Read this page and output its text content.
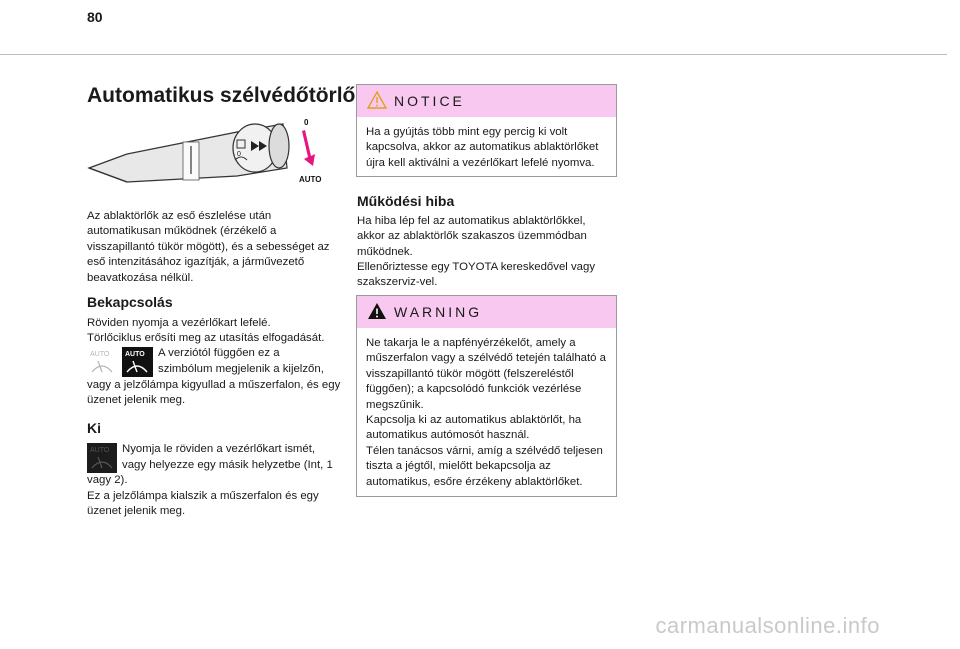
80
Automatikus szélvédőtörlő
0
0
AUTO

Az ablaktörlők az eső észlelése után automatikusan működnek (érzékelő a visszapillantó tükör mögött), és a sebességet az eső intenzitásához igazítják, a járművezető beavatkozása nélkül.

Bekapcsolás

Röviden nyomja a vezérlőkart lefelé.

Törlőciklus erősíti meg az utasítás elfogadását.

AUTO AUTO A verziótól függően ez a

szimbólum megjelenik a kijelzőn,

vagy a jelzőlámpa kigyullad a műszerfalon, és egy üzenet jelenik meg.

Ki
AUTO Nyomja le röviden a vezérlőkart ismét,

vagy helyezze egy másik helyzetbe (Int, 1 vagy 2).

Ez a jelzőlámpa kialszik a műszerfalon és egy üzenet jelenik meg.

NOTICE
Ha a gyújtás több mint egy percig ki volt kapcsolva, akkor az automatikus ablaktörlőket újra kell aktiválni a vezérlőkart lefelé nyomva.
Működési hiba

Ha hiba lép fel az automatikus ablaktörlőkkel, akkor az ablaktörlők szakaszos üzemmódban működnek.

Ellenőriztesse egy TOYOTA kereskedővel vagy szakszerviz-vel.

WARNING

Ne takarja le a napfényérzékelőt, amely a műszerfalon vagy a szélvédő tetején található a visszapillantó tükör mögött (felszereléstől függően); a kapcsolódó funkciók vezérlése megszűnik.

Kapcsolja ki az automatikus ablaktörlőt, ha automatikus autómosót használ.

Télen tanácsos várni, amíg a szélvédő teljesen tiszta a jégtől, mielőtt bekapcsolja az automatikus, esőre érzékeny ablaktörlőket.

carmanualsonline.info
